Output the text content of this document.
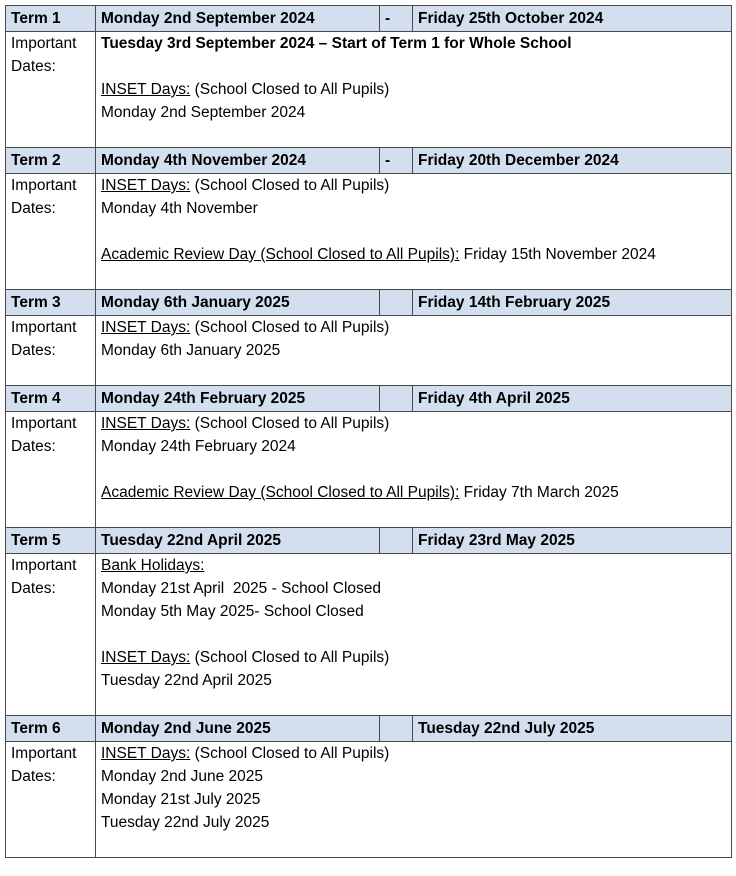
Term 1	Monday 2nd September 2024	-	Friday 25th October 2024

Important
Dates:	Tuesday 3rd September 2024 – Start of Term 1 for Whole School
INSET Days: (School Closed to All Pupils)
Monday 2nd September 2024		

Term 2	Monday 4th November 2024	-	Friday 20th December 2024

Important
Dates:	INSET Days: (School Closed to All Pupils)
Monday 4th November
Academic Review Day (School Closed to All Pupils): Friday 15th November 2024		

Term 3	Monday 6th January 2025		Friday 14th February 2025

Important
Dates:	INSET Days: (School Closed to All Pupils)
Monday 6th January 2025		

Term 4	Monday 24th February 2025		Friday 4th April 2025

Important
Dates:	INSET Days: (School Closed to All Pupils)
Monday 24th February 2024
Academic Review Day (School Closed to All Pupils): Friday 7th March 2025		

Term 5	Tuesday 22nd April 2025		Friday 23rd May 2025

Important
Dates:	Bank Holidays:
Monday 21st April  2025 - School Closed
Monday 5th May 2025- School Closed
INSET Days: (School Closed to All Pupils)
Tuesday 22nd April 2025		

Term 6	Monday 2nd June 2025		Tuesday 22nd July 2025

Important
Dates:	INSET Days: (School Closed to All Pupils)
Monday 2nd June 2025
Monday 21st July 2025
Tuesday 22nd July 2025		
